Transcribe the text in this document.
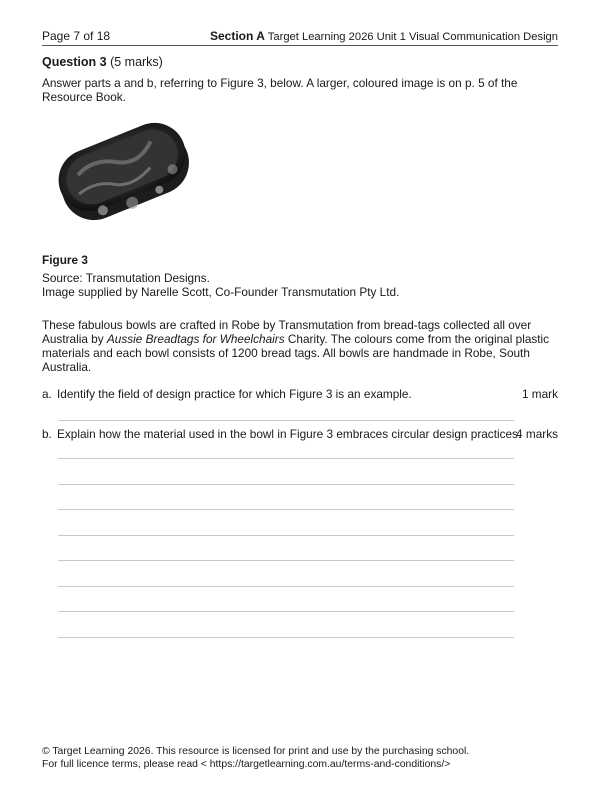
Page 7 of 18	Section A Target Learning 2026 Unit 1 Visual Communication Design
Question 3 (5 marks)
Answer parts a and b, referring to Figure 3, below. A larger, coloured image is on p. 5 of the Resource Book.
Figure 3
Source: Transmutation Designs.
Image supplied by Narelle Scott, Co-Founder Transmutation Pty Ltd.
These fabulous bowls are crafted in Robe by Transmutation from bread-tags collected all over Australia by Aussie Breadtags for Wheelchairs Charity. The colours come from the original plastic materials and each bowl consists of 1200 bread tags. All bowls are handmade in Robe, South Australia.
a. Identify the field of design practice for which Figure 3 is an example.	1 mark
b. Explain how the material used in the bowl in Figure 3 embraces circular design practices.
4 marks
© Target Learning 2026. This resource is licensed for print and use by the purchasing school.
For full licence terms, please read < https://targetlearning.com.au/terms-and-conditions/>
